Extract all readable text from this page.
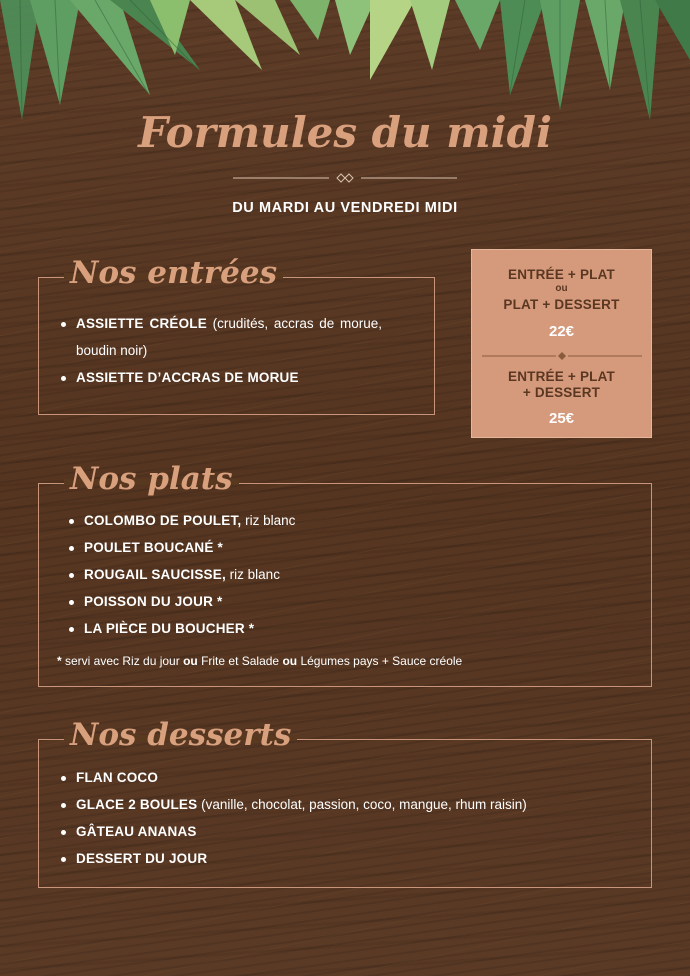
Formules du midi
DU MARDI AU VENDREDI MIDI
Nos entrées
ASSIETTE CRÉOLE (crudités, accras de morue, boudin noir)
ASSIETTE D’ACCRAS DE MORUE
ENTRÉE + PLAT
ou
PLAT + DESSERT
22€
ENTRÉE + PLAT
+ DESSERT
25€
Nos plats
COLOMBO DE POULET, riz blanc
POULET BOUCANÉ *
ROUGAIL SAUCISSE, riz blanc
POISSON DU JOUR *
LA PIÈCE DU BOUCHER *
* servi avec Riz du jour ou Frite et Salade ou Légumes pays + Sauce créole
Nos desserts
FLAN COCO
GLACE 2 BOULES (vanille, chocolat, passion, coco, mangue, rhum raisin)
GÂTEAU ANANAS
DESSERT DU JOUR
